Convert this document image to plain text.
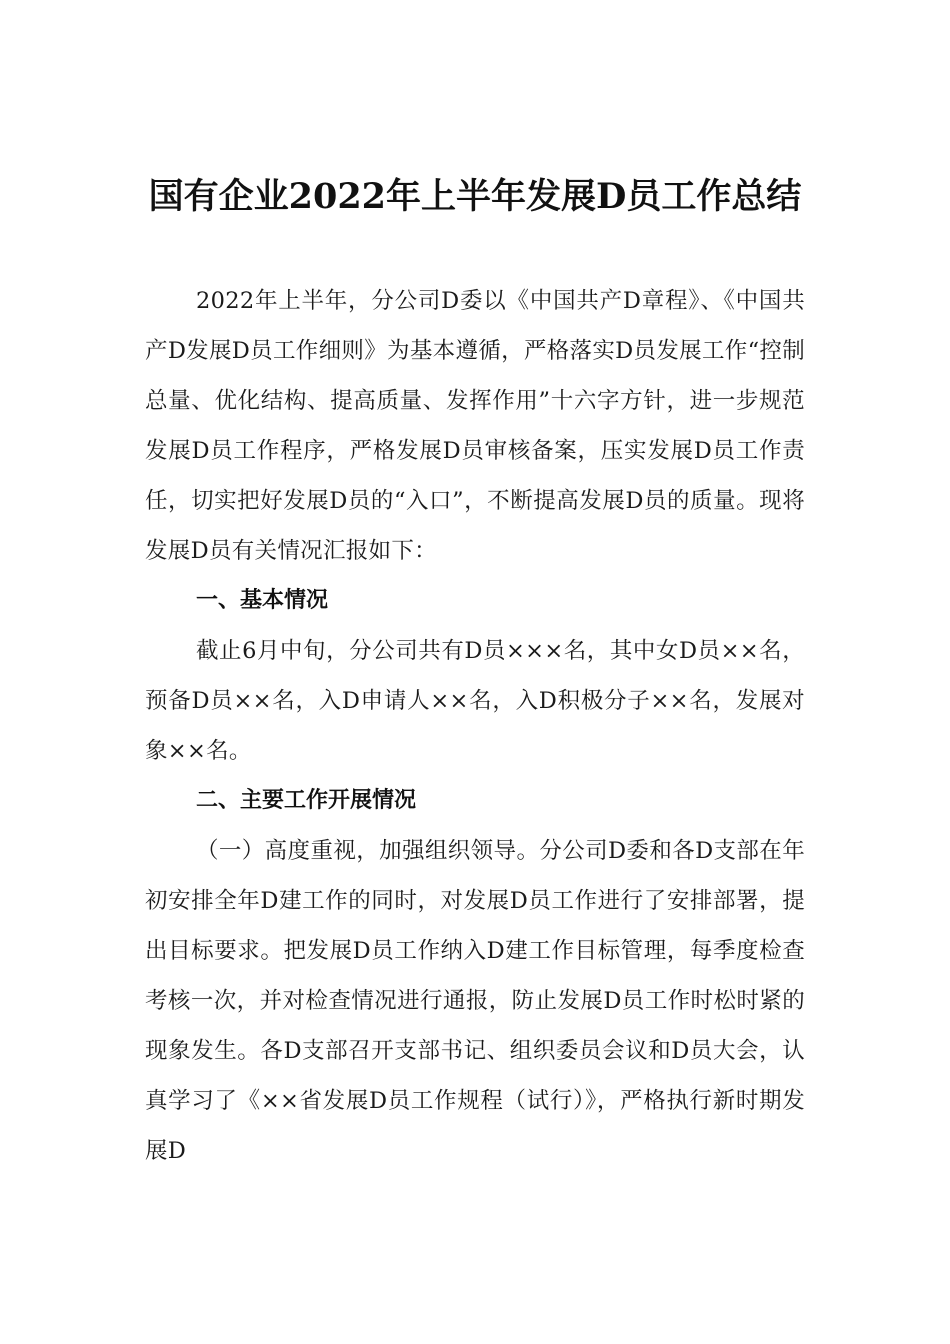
国有企业2022年上半年发展D员工作总结

2022年上半年，分公司D委以《中国共产D章程》、《中国共产D发展D员工作细则》为基本遵循，严格落实D员发展工作“控制总量、优化结构、提高质量、发挥作用”十六字方针，进一步规范发展D员工作程序，严格发展D员审核备案，压实发展D员工作责任，切实把好发展D员的“入口”，不断提高发展D员的质量。现将发展D员有关情况汇报如下：

一、基本情况

截止6月中旬，分公司共有D员×××名，其中女D员××名，预备D员××名，入D申请人××名，入D积极分子××名，发展对象××名。

二、主要工作开展情况

（一）高度重视，加强组织领导。分公司D委和各D支部在年初安排全年D建工作的同时，对发展D员工作进行了安排部署，提出目标要求。把发展D员工作纳入D建工作目标管理，每季度检查考核一次，并对检查情况进行通报，防止发展D员工作时松时紧的现象发生。各D支部召开支部书记、组织委员会议和D员大会，认真学习了《××省发展D员工作规程（试行）》，严格执行新时期发展D
